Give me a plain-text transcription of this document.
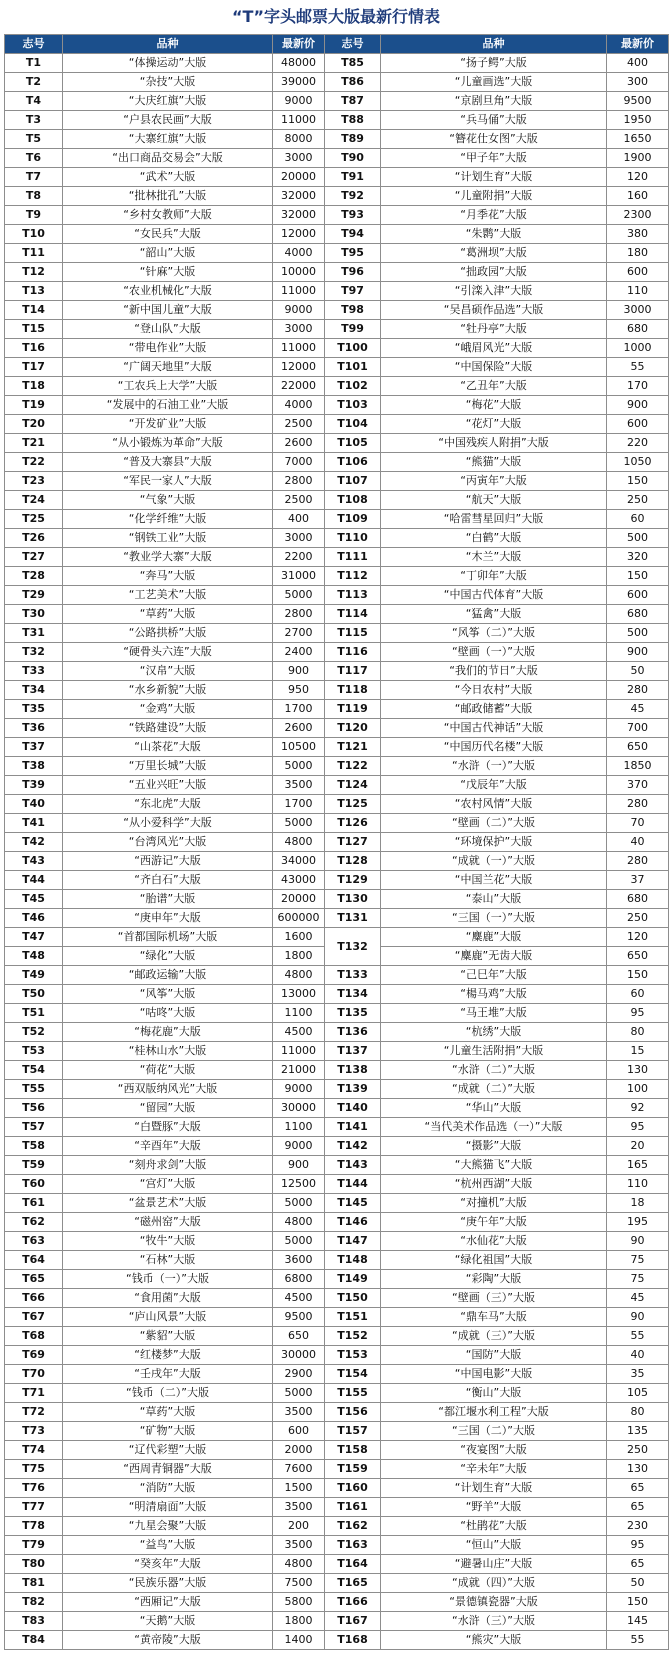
“T”字头邮票大版最新行情表
志号	品种	最新价	志号	品种	最新价
T1	“体操运动”大版	48000	T85	“扬子鳄”大版	400
T2	“杂技”大版	39000	T86	“儿童画选”大版	300
T4	“大庆红旗”大版	9000	T87	“京剧旦角”大版	9500
T3	“户县农民画”大版	11000	T88	“兵马俑”大版	1950
T5	“大寨红旗”大版	8000	T89	“簪花仕女图”大版	1650
T6	“出口商品交易会”大版	3000	T90	“甲子年”大版	1900
T7	“武术”大版	20000	T91	“计划生育”大版	120
T8	“批林批孔”大版	32000	T92	“儿童附捐”大版	160
T9	“乡村女教师”大版	32000	T93	“月季花”大版	2300
T10	“女民兵”大版	12000	T94	“朱鹮”大版	380
T11	“韶山”大版	4000	T95	“葛洲坝”大版	180
T12	“针麻”大版	10000	T96	“拙政园”大版	600
T13	“农业机械化”大版	11000	T97	“引滦入津”大版	110
T14	“新中国儿童”大版	9000	T98	“吴昌硕作品选”大版	3000
T15	“登山队”大版	3000	T99	“牡丹亭”大版	680
T16	“带电作业”大版	11000	T100	“峨眉风光”大版	1000
T17	“广阔天地里”大版	12000	T101	“中国保险”大版	55
T18	“工农兵上大学”大版	22000	T102	“乙丑年”大版	170
T19	“发展中的石油工业”大版	4000	T103	“梅花”大版	900
T20	“开发矿业”大版	2500	T104	“花灯”大版	600
T21	“从小锻炼为革命”大版	2600	T105	“中国残疾人附捐”大版	220
T22	“普及大寨县”大版	7000	T106	“熊猫”大版	1050
T23	“军民一家人”大版	2800	T107	“丙寅年”大版	150
T24	“气象”大版	2500	T108	“航天”大版	250
T25	“化学纤维”大版	400	T109	“哈雷彗星回归”大版	60
T26	“钢铁工业”大版	3000	T110	“白鹤”大版	500
T27	“教业学大寨”大版	2200	T111	“木兰”大版	320
T28	“奔马”大版	31000	T112	“丁卯年”大版	150
T29	“工艺美术”大版	5000	T113	“中国古代体育”大版	600
T30	“草药”大版	2800	T114	“猛禽”大版	680
T31	“公路拱桥”大版	2700	T115	“风筝（二）”大版	500
T32	“硬骨头六连”大版	2400	T116	“壁画（一）”大版	900
T33	“汉帛”大版	900	T117	“我们的节日”大版	50
T34	“水乡新貌”大版	950	T118	“今日农村”大版	280
T35	“金鸡”大版	1700	T119	“邮政储蓄”大版	45
T36	“铁路建设”大版	2600	T120	“中国古代神话”大版	700
T37	“山茶花”大版	10500	T121	“中国历代名楼”大版	650
T38	“万里长城”大版	5000	T122	“水浒（一）”大版	1850
T39	“五业兴旺”大版	3500	T124	“戊辰年”大版	370
T40	“东北虎”大版	1700	T125	“农村风情”大版	280
T41	“从小爱科学”大版	5000	T126	“壁画（二）”大版	70
T42	“台湾风光”大版	4800	T127	“环境保护”大版	40
T43	“西游记”大版	34000	T128	“成就（一）”大版	280
T44	“齐白石”大版	43000	T129	“中国兰花”大版	37
T45	“胎谱”大版	20000	T130	“泰山”大版	680
T46	“庚申年”大版	600000	T131	“三国（一）”大版	250
T47	“首都国际机场”大版	1600	T132	“麋鹿”大版	120
T48	“绿化”大版	1800		“麋鹿”无齿大版	650
T49	“邮政运输”大版	4800	T133	“己巳年”大版	150
T50	“风筝”大版	13000	T134	“楊马鸡”大版	60
T51	“咕咚”大版	1100	T135	“马王堆”大版	95
T52	“梅花鹿”大版	4500	T136	“杭绣”大版	80
T53	“桂林山水”大版	11000	T137	“儿童生活附捐”大版	15
T54	“荷花”大版	21000	T138	“水浒（二）”大版	130
T55	“西双版纳风光”大版	9000	T139	“成就（二）”大版	100
T56	“留园”大版	30000	T140	“华山”大版	92
T57	“白暨豚”大版	1100	T141	“当代美术作品选（一）”大版	95
T58	“辛酉年”大版	9000	T142	“摄影”大版	20
T59	“刻舟求剑”大版	900	T143	“大熊猫飞”大版	165
T60	“宫灯”大版	12500	T144	“杭州西湖”大版	110
T61	“盆景艺术”大版	5000	T145	“对撞机”大版	18
T62	“磁州窑”大版	4800	T146	“庚午年”大版	195
T63	“牧牛”大版	5000	T147	“水仙花”大版	90
T64	“石林”大版	3600	T148	“绿化祖国”大版	75
T65	“钱币（一）”大版	6800	T149	“彩陶”大版	75
T66	“食用菌”大版	4500	T150	“壁画（三）”大版	45
T67	“庐山风景”大版	9500	T151	“鼎车马”大版	90
T68	“紫貂”大版	650	T152	“成就（三）”大版	55
T69	“红楼梦”大版	30000	T153	“国防”大版	40
T70	“壬戌年”大版	2900	T154	“中国电影”大版	35
T71	“钱币（二）”大版	5000	T155	“衡山”大版	105
T72	“草药”大版	3500	T156	“都江堰水利工程”大版	80
T73	“矿物”大版	600	T157	“三国（二）”大版	135
T74	“辽代彩塑”大版	2000	T158	“夜宴图”大版	250
T75	“西周青铜器”大版	7600	T159	“辛未年”大版	130
T76	“消防”大版	1500	T160	“计划生育”大版	65
T77	“明清扇面”大版	3500	T161	“野羊”大版	65
T78	“九星会聚”大版	200	T162	“杜鹃花”大版	230
T79	“益鸟”大版	3500	T163	“恒山”大版	95
T80	“癸亥年”大版	4800	T164	“避暑山庄”大版	65
T81	“民族乐器”大版	7500	T165	“成就（四）”大版	50
T82	“西厢记”大版	5800	T166	“景德镇瓷器”大版	150
T83	“天鹅”大版	1800	T167	“水浒（三）”大版	145
T84	“黄帝陵”大版	1400	T168	“熊灾”大版	55
